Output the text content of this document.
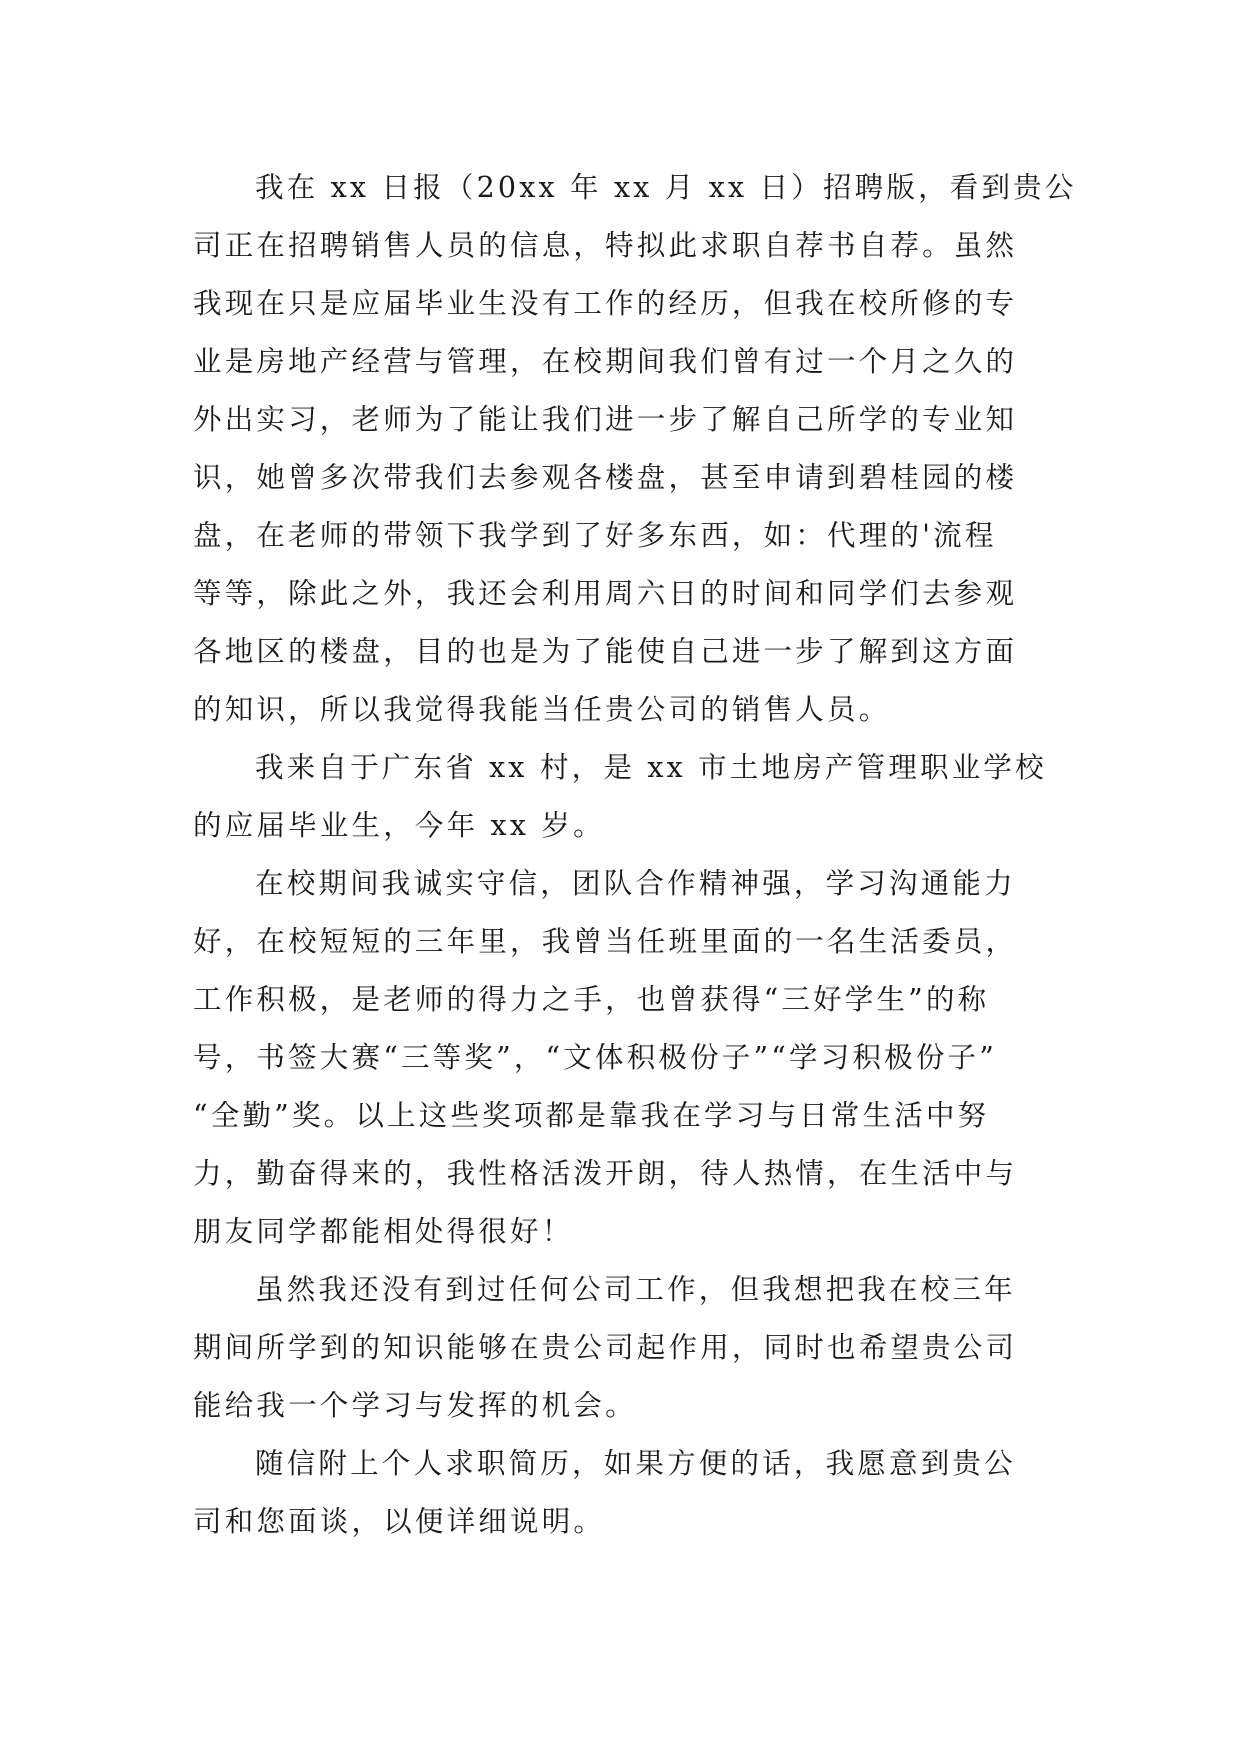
我在 xx 日报（20xx 年 xx 月 xx 日）招聘版，看到贵公
司正在招聘销售人员的信息，特拟此求职自荐书自荐。虽然
我现在只是应届毕业生没有工作的经历，但我在校所修的专
业是房地产经营与管理，在校期间我们曾有过一个月之久的
外出实习，老师为了能让我们进一步了解自己所学的专业知
识，她曾多次带我们去参观各楼盘，甚至申请到碧桂园的楼
盘，在老师的带领下我学到了好多东西，如：代理的'流程
等等，除此之外，我还会利用周六日的时间和同学们去参观
各地区的楼盘，目的也是为了能使自己进一步了解到这方面
的知识，所以我觉得我能当任贵公司的销售人员。

我来自于广东省 xx 村，是 xx 市土地房产管理职业学校
的应届毕业生，今年 xx 岁。

在校期间我诚实守信，团队合作精神强，学习沟通能力
好，在校短短的三年里，我曾当任班里面的一名生活委员，
工作积极，是老师的得力之手，也曾获得“三好学生”的称
号，书签大赛“三等奖”，“文体积极份子”“学习积极份子”
“全勤”奖。以上这些奖项都是靠我在学习与日常生活中努
力，勤奋得来的，我性格活泼开朗，待人热情，在生活中与
朋友同学都能相处得很好！

虽然我还没有到过任何公司工作，但我想把我在校三年
期间所学到的知识能够在贵公司起作用，同时也希望贵公司
能给我一个学习与发挥的机会。

随信附上个人求职简历，如果方便的话，我愿意到贵公
司和您面谈，以便详细说明。
